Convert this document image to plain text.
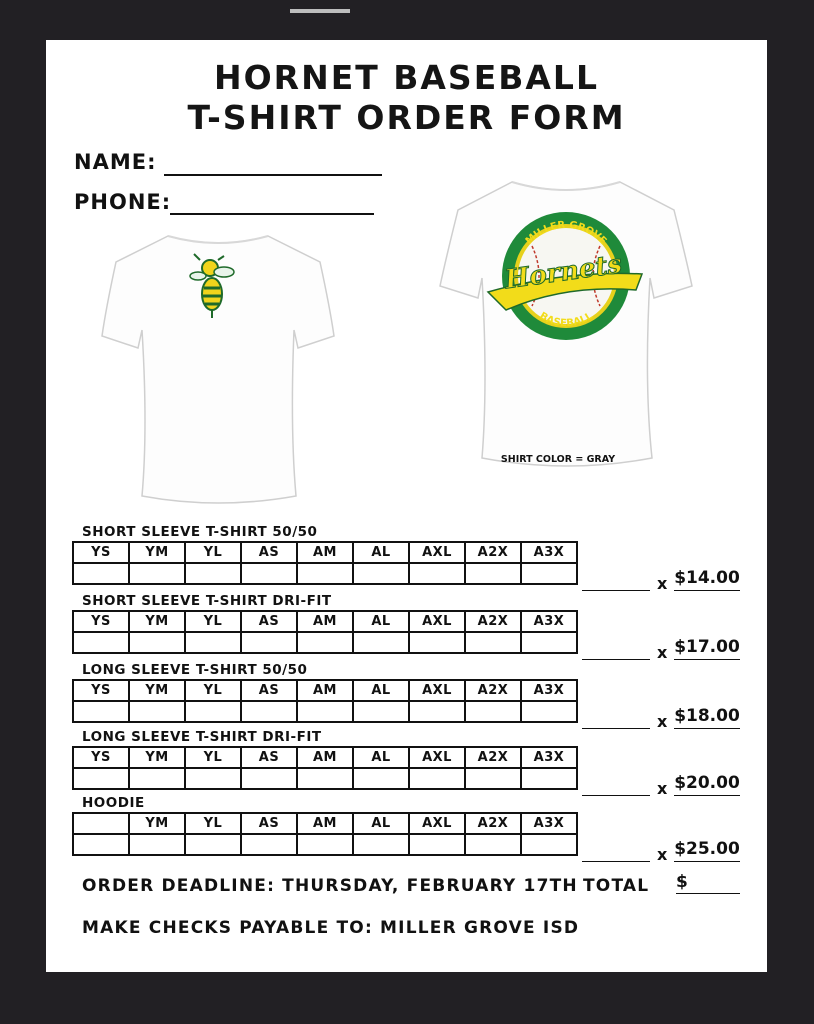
HORNET BASEBALL
T-SHIRT ORDER FORM
NAME:
PHONE:
MILLER GROVE
BASEBALL
Hornets
SHIRT COLOR = GRAY
SHORT SLEEVE T-SHIRT 50/50
YS	YM	YL	AS	AM	AL	AXL	A2X	A3X

x $14.00
SHORT SLEEVE T-SHIRT DRI-FIT
YS	YM	YL	AS	AM	AL	AXL	A2X	A3X

x $17.00
LONG SLEEVE T-SHIRT 50/50
YS	YM	YL	AS	AM	AL	AXL	A2X	A3X

x $18.00
LONG SLEEVE T-SHIRT DRI-FIT
YS	YM	YL	AS	AM	AL	AXL	A2X	A3X

x $20.00
HOODIE
	YM	YL	AS	AM	AL	AXL	A2X	A3X

x $25.00
ORDER DEADLINE: THURSDAY, FEBRUARY 17TH TOTAL $
MAKE CHECKS PAYABLE TO: MILLER GROVE ISD
